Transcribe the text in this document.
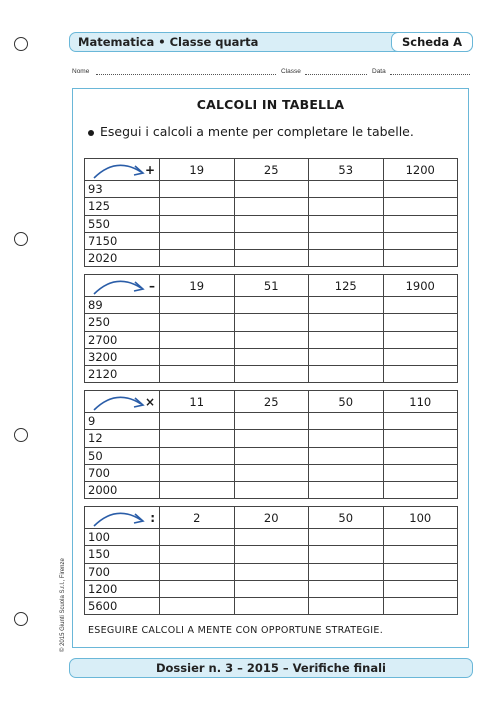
Matematica • Classe quarta	Scheda A
Nome	Classe	Data
CALCOLI IN TABELLA
Esegui i calcoli a mente per completare le tabelle.
+	19	25	53	1200
93				
125				
550				
7150				
2020				
–	19	51	125	1900
89				
250				
2700				
3200				
2120				
×	11	25	50	110
9				
12				
50				
700				
2000				
:	2	20	50	100
100				
150				
700				
1200				
5600				
ESEGUIRE CALCOLI A MENTE CON OPPORTUNE STRATEGIE.
© 2015 Giunti Scuola S.r.l., Firenze
Dossier n. 3 – 2015 – Verifiche finali
